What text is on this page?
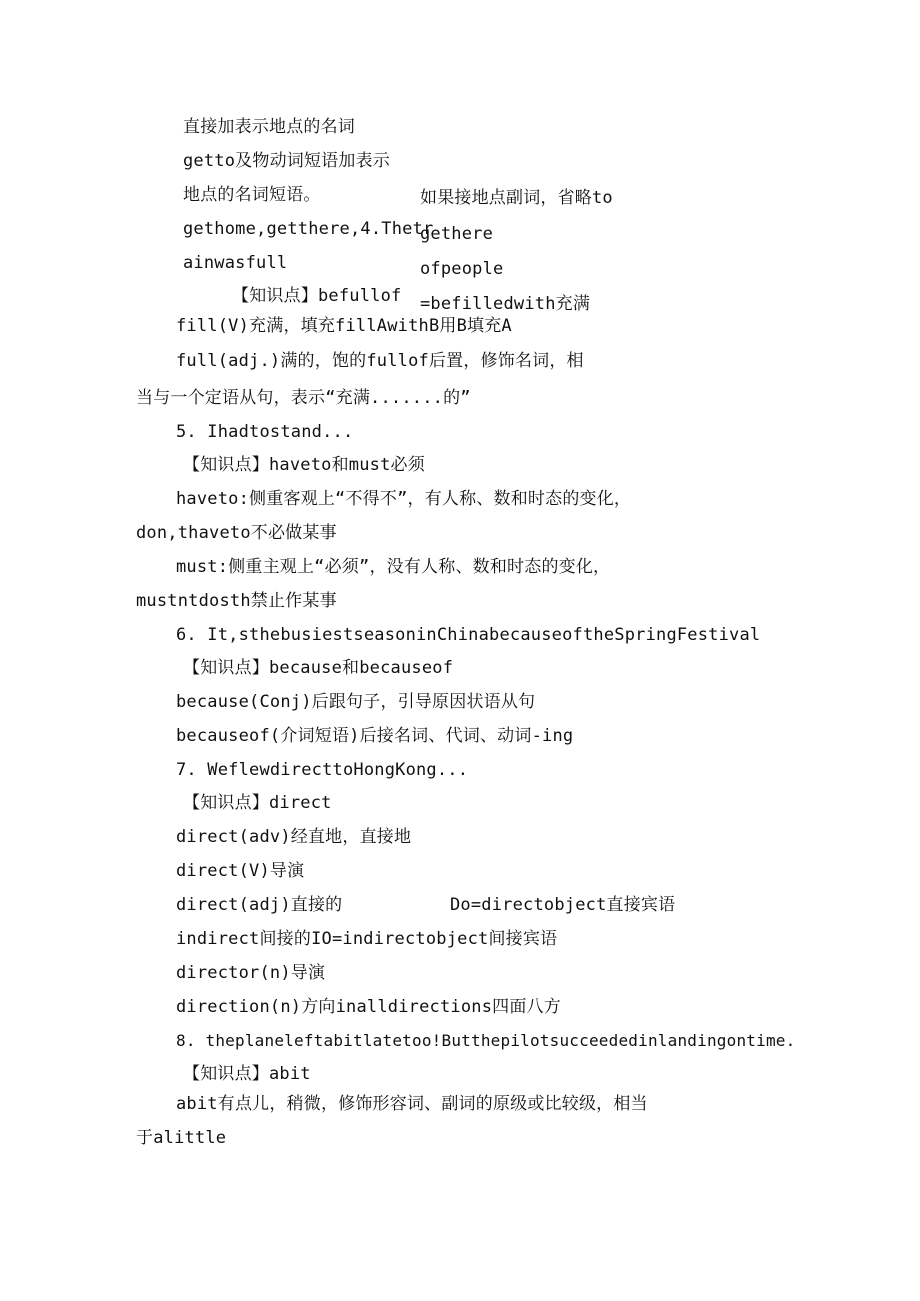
直接加表示地点的名词
getto及物动词短语加表示
地点的名词短语。	如果接地点副词，省略to
gethome,getthere,4.Thetr
gethere
ainwasfull	ofpeople
【知识点】befullof =befilledwith充满
fill(V)充满，填充fillAwithB用B填充A
full(adj.)满的，饱的fullof后置，修饰名词，相
当与一个定语从句，表示“充满.......的”
5. Ihadtostand...
【知识点】haveto和must必须
haveto:侧重客观上“不得不”，有人称、数和时态的变化，
don,thaveto不必做某事
must:侧重主观上“必须”，没有人称、数和时态的变化，
mustntdosth禁止作某事
6. It,sthebusiestseasoninChinabecauseoftheSpringFestival
【知识点】because和becauseof
because(Conj)后跟句子，引导原因状语从句
becauseof(介词短语)后接名词、代词、动词-ing
7. WeflewdirecttoHongKong...
【知识点】direct
direct(adv)经直地，直接地
direct(V)导演
direct(adj)直接的	Do=directobject直接宾语
indirect间接的IO=indirectobject间接宾语
director(n)导演
direction(n)方向inalldirections四面八方
8. theplaneleftabitlatetoo!Butthepilotsucceededinlandingontime.
【知识点】abit
abit有点儿，稍微，修饰形容词、副词的原级或比较级，相当
于alittle
